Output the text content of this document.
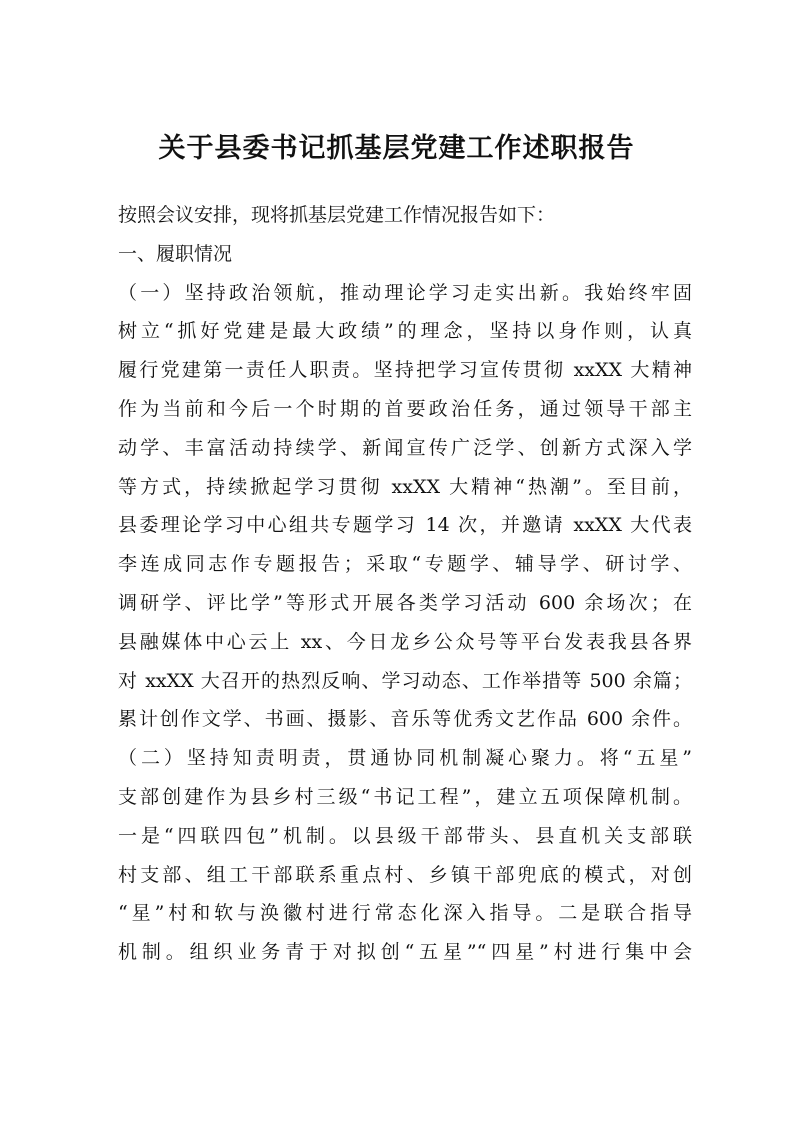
关于县委书记抓基层党建工作述职报告
按照会议安排，现将抓基层党建工作情况报告如下：
一、履职情况
（一）坚持政治领航，推动理论学习走实出新。我始终牢固
树立“抓好党建是最大政绩”的理念，坚持以身作则，认真
履行党建第一责任人职责。坚持把学习宣传贯彻 xxXX 大精神
作为当前和今后一个时期的首要政治任务，通过领导干部主
动学、丰富活动持续学、新闻宣传广泛学、创新方式深入学
等方式，持续掀起学习贯彻 xxXX 大精神“热潮”。至目前，
县委理论学习中心组共专题学习 14 次，并邀请 xxXX 大代表
李连成同志作专题报告；采取“专题学、辅导学、研讨学、
调研学、评比学”等形式开展各类学习活动 600 余场次；在
县融媒体中心云上 xx、今日龙乡公众号等平台发表我县各界
对 xxXX 大召开的热烈反响、学习动态、工作举措等 500 余篇；
累计创作文学、书画、摄影、音乐等优秀文艺作品 600 余件。
（二）坚持知责明责，贯通协同机制凝心聚力。将“五星”
支部创建作为县乡村三级“书记工程”，建立五项保障机制。
一是“四联四包”机制。以县级干部带头、县直机关支部联
村支部、组工干部联系重点村、乡镇干部兜底的模式，对创
“星”村和软与涣徽村进行常态化深入指导。二是联合指导
机制。组织业务青于对拟创“五星”“四星”村进行集中会
